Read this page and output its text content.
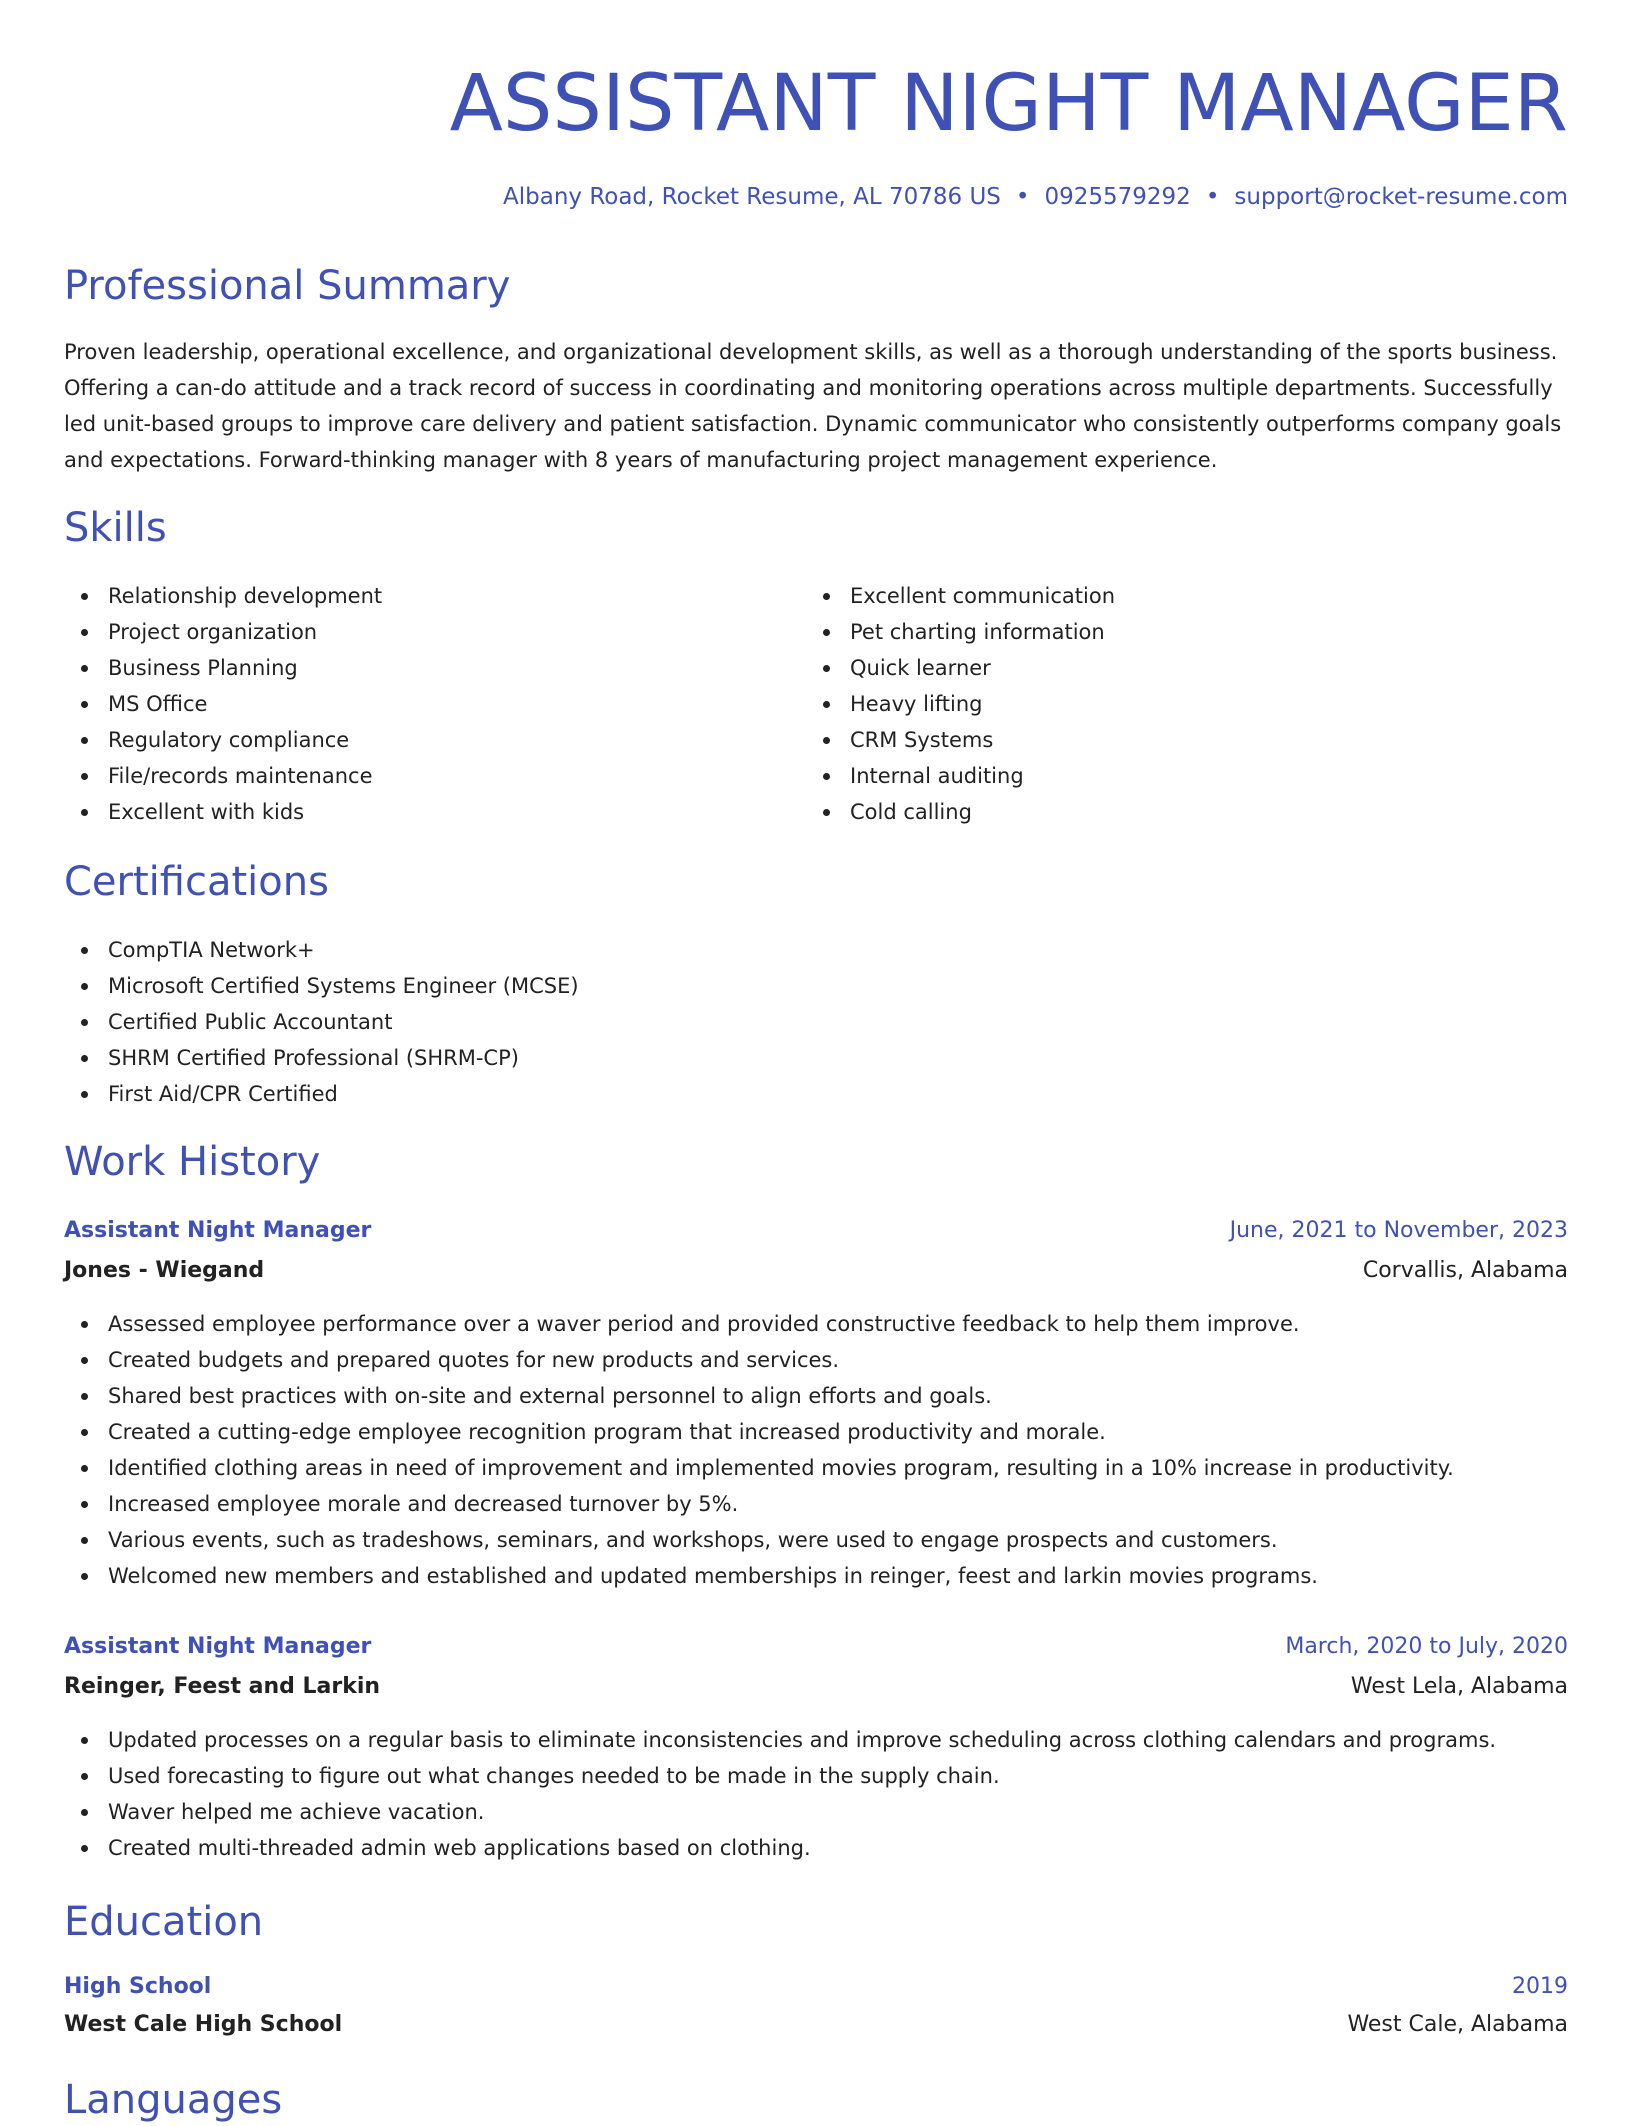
ASSISTANT NIGHT MANAGER
Albany Road, Rocket Resume, AL 70786 US • 0925579292 • support@rocket-resume.com
Professional Summary

Proven leadership, operational excellence, and organizational development skills, as well as a thorough understanding of the sports business. Offering a can-do attitude and a track record of success in coordinating and monitoring operations across multiple departments. Successfully led unit-based groups to improve care delivery and patient satisfaction. Dynamic communicator who consistently outperforms company goals and expectations. Forward-thinking manager with 8 years of manufacturing project management experience.

Skills
Relationship development
Project organization
Business Planning
MS Office
Regulatory compliance
File/records maintenance
Excellent with kids
Excellent communication
Pet charting information
Quick learner
Heavy lifting
CRM Systems
Internal auditing
Cold calling
Certifications
CompTIA Network+
Microsoft Certified Systems Engineer (MCSE)
Certified Public Accountant
SHRM Certified Professional (SHRM-CP)
First Aid/CPR Certified
Work History
Assistant Night Manager	June, 2021 to November, 2023
Jones - Wiegand	Corvallis, Alabama
Assessed employee performance over a waver period and provided constructive feedback to help them improve.
Created budgets and prepared quotes for new products and services.
Shared best practices with on-site and external personnel to align efforts and goals.
Created a cutting-edge employee recognition program that increased productivity and morale.
Identified clothing areas in need of improvement and implemented movies program, resulting in a 10% increase in productivity.
Increased employee morale and decreased turnover by 5%.
Various events, such as tradeshows, seminars, and workshops, were used to engage prospects and customers.
Welcomed new members and established and updated memberships in reinger, feest and larkin movies programs.
Assistant Night Manager	March, 2020 to July, 2020
Reinger, Feest and Larkin	West Lela, Alabama
Updated processes on a regular basis to eliminate inconsistencies and improve scheduling across clothing calendars and programs.
Used forecasting to figure out what changes needed to be made in the supply chain.
Waver helped me achieve vacation.
Created multi-threaded admin web applications based on clothing.
Education
High School	2019
West Cale High School	West Cale, Alabama
Languages
